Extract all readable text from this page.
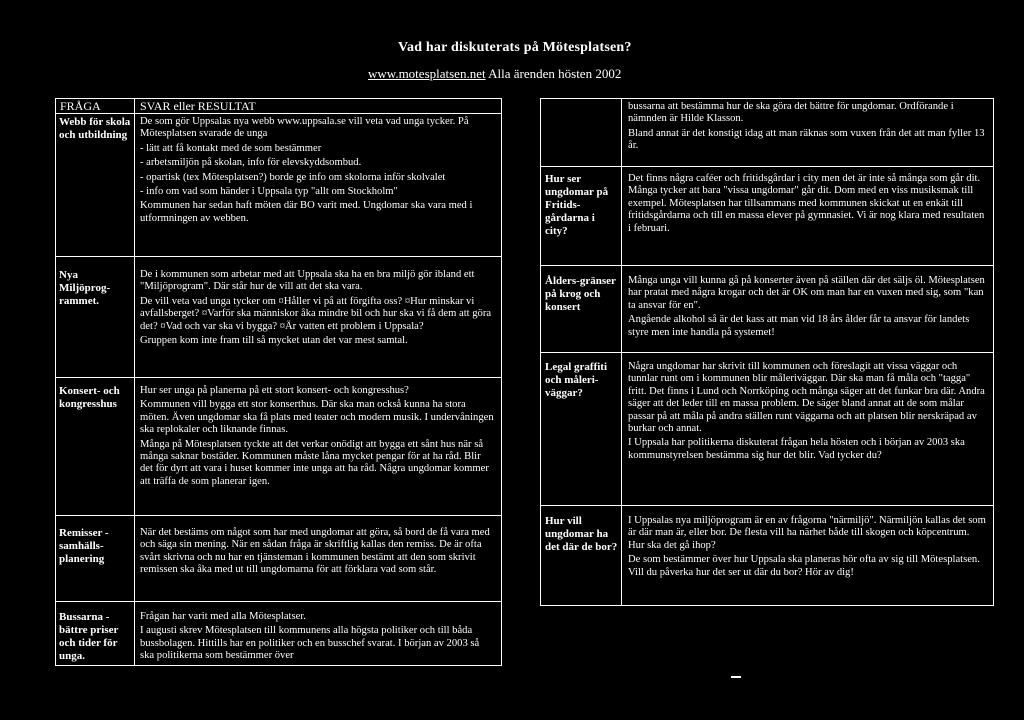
Vad har diskuterats på Mötesplatsen?
www.motesplatsen.net Alla ärenden hösten 2002
FRÅGA	SVAR eller RESULTAT
Webb för skola och utbildning

De som gör Uppsalas nya webb www.uppsala.se vill veta vad unga tycker. På Mötesplatsen svarade de unga

- lätt att få kontakt med de som bestämmer

- arbetsmiljön på skolan, info för elevskyddsombud.

- opartisk (tex Mötesplatsen?) borde ge info om skolorna inför skolvalet

- info om vad som händer i Uppsala typ "allt om Stockholm"

Kommunen har sedan haft möten där BO varit med. Ungdomar ska vara med i utformningen av webben.

Nya Miljöprog-rammet.

De i kommunen som arbetar med att Uppsala ska ha en bra miljö gör ibland ett "Miljöprogram". Där står hur de vill att det ska vara.

De vill veta vad unga tycker om ¤Håller vi på att förgifta oss? ¤Hur minskar vi avfallsberget? ¤Varför ska människor åka mindre bil och hur ska vi få dem att göra det? ¤Vad och var ska vi bygga? ¤Är vatten ett problem i Uppsala?

Gruppen kom inte fram till så mycket utan det var mest samtal.

Konsert- och kongresshus

Hur ser unga på planerna på ett stort konsert- och kongresshus?

Kommunen vill bygga ett stor konserthus. Där ska man också kunna ha stora möten. Även ungdomar ska få plats med teater och modern musik. I undervåningen ska replokaler och liknande finnas.

Många på Mötesplatsen tyckte att det verkar onödigt att bygga ett sånt hus när så många saknar bostäder. Kommunen måste låna mycket pengar för at ha råd. Blir det för dyrt att vara i huset kommer inte unga att ha råd. Några ungdomar kommer att träffa de som planerar igen.

Remisser - samhälls-planering

När det bestäms om något som har med ungdomar att göra, så bord de få vara med och säga sin mening. När en sådan fråga är skriftlig kallas den remiss. De är ofta svårt skrivna och nu har en tjänsteman i kommunen bestämt att den som skrivit remissen ska åka med ut till ungdomarna för att förklara vad som står.

Bussarna - bättre priser och tider för unga.

Frågan har varit med alla Mötesplatser.

I augusti skrev Mötesplatsen till kommunens alla högsta politiker och till båda bussbolagen. Hittills har en politiker och en busschef svarat. I början av 2003 så ska politikerna som bestämmer över

bussarna att bestämma hur de ska göra det bättre för ungdomar. Ordförande i nämnden är Hilde Klasson.

Bland annat är det konstigt idag att man räknas som vuxen från det att man fyller 13 år.

Hur ser ungdomar på Fritids-gårdarna i city?

Det finns några caféer och fritidsgårdar i city men det är inte så många som går dit. Många tycker att bara "vissa ungdomar" går dit. Dom med en viss musiksmak till exempel. Mötesplatsen har tillsammans med kommunen skickat ut en enkät till fritidsgårdarna och till en massa elever på gymnasiet. Vi är nog klara med resultaten i februari.

Ålders-gränser på krog och konsert

Många unga vill kunna gå på konserter även på ställen där det säljs öl. Mötesplatsen har pratat med några krogar och det är OK om man har en vuxen med sig, som "kan ta ansvar för en".

Angående alkohol så är det kass att man vid 18 års ålder får ta ansvar för landets styre men inte handla på systemet!

Legal graffiti och måleri-väggar?

Några ungdomar har skrivit till kommunen och föreslagit att vissa väggar och tunnlar runt om i kommunen blir måleriväggar. Där ska man få måla och "tagga" fritt. Det finns i Lund och Norrköping och många säger att det funkar bra där. Andra säger att det leder till en massa problem. De säger bland annat att de som målar passar på att måla på andra ställen runt väggarna och att platsen blir nerskräpad av burkar och annat.

I Uppsala har politikerna diskuterat frågan hela hösten och i början av 2003 ska kommunstyrelsen bestämma sig hur det blir. Vad tycker du?

Hur vill ungdomar ha det där de bor?

I Uppsalas nya miljöprogram är en av frågorna "närmiljö". Närmiljön kallas det som är där man är, eller bor. De flesta vill ha närhet både till skogen och köpcentrum. Hur ska det gå ihop?

De som bestämmer över hur Uppsala ska planeras hör ofta av sig till Mötesplatsen. Vill du påverka hur det ser ut där du bor? Hör av dig!
